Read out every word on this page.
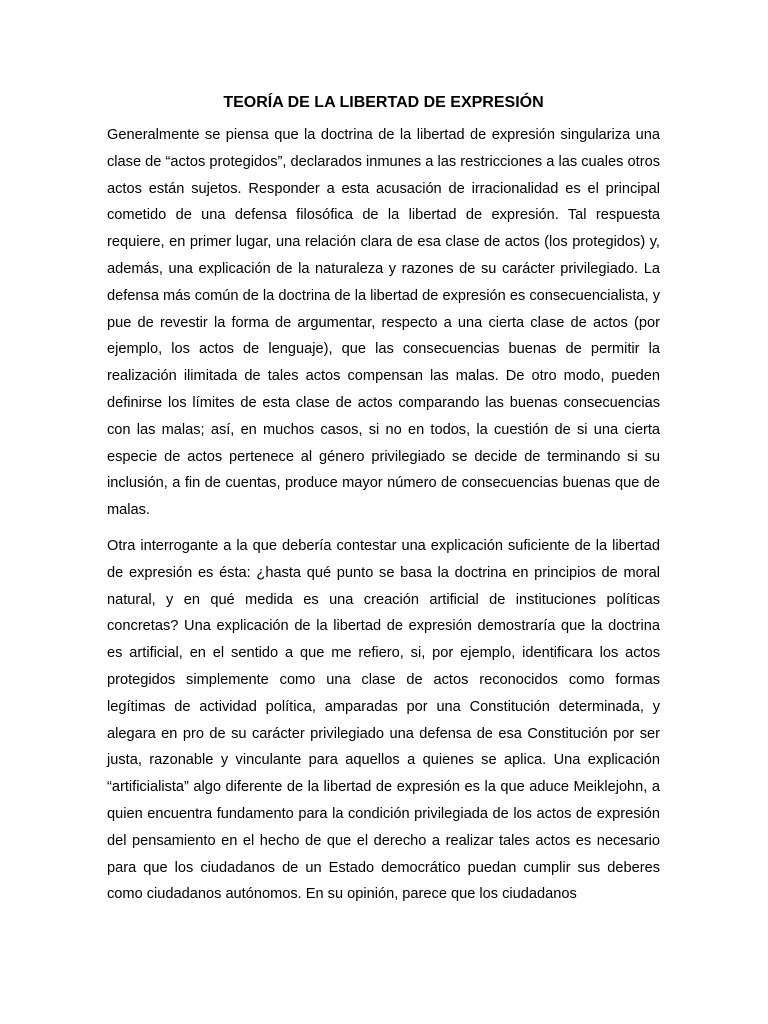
TEORÍA DE LA LIBERTAD DE EXPRESIÓN

Generalmente se piensa que la doctrina de la libertad de expresión singulariza una clase de “actos protegidos”, declarados inmunes a las restricciones a las cuales otros actos están sujetos. Responder a esta acusación de irracionalidad es el principal cometido de una defensa filosófica de la libertad de expresión. Tal respuesta requiere, en primer lugar, una relación clara de esa clase de actos (los protegidos) y, además, una explicación de la naturaleza y razones de su carácter privilegiado. La defensa más común de la doctrina de la libertad de expresión es consecuencialista, y pue de revestir la forma de argumentar, respecto a una cierta clase de actos (por ejemplo, los actos de lenguaje), que las consecuencias buenas de permitir la realización ilimitada de tales actos compensan las malas. De otro modo, pueden definirse los límites de esta clase de actos comparando las buenas consecuencias con las malas; así, en muchos casos, si no en todos, la cuestión de si una cierta especie de actos pertenece al género privilegiado se decide de terminando si su inclusión, a fin de cuentas, produce mayor número de consecuencias buenas que de malas.

Otra interrogante a la que debería contestar una explicación suficiente de la libertad de expresión es ésta: ¿hasta qué punto se basa la doctrina en principios de moral natural, y en qué medida es una creación artificial de instituciones políticas concretas? Una explicación de la libertad de expresión demostraría que la doctrina es artificial, en el sentido a que me refiero, si, por ejemplo, identificara los actos protegidos simplemente como una clase de actos reconocidos como formas legítimas de actividad política, amparadas por una Constitución determinada, y alegara en pro de su carácter privilegiado una defensa de esa Constitución por ser justa, razonable y vinculante para aquellos a quienes se aplica. Una explicación “artificialista” algo diferente de la libertad de expresión es la que aduce Meiklejohn, a quien encuentra fundamento para la condición privilegiada de los actos de expresión del pensamiento en el hecho de que el derecho a realizar tales actos es necesario para que los ciudadanos de un Estado democrático puedan cumplir sus deberes como ciudadanos autónomos. En su opinión, parece que los ciudadanos
